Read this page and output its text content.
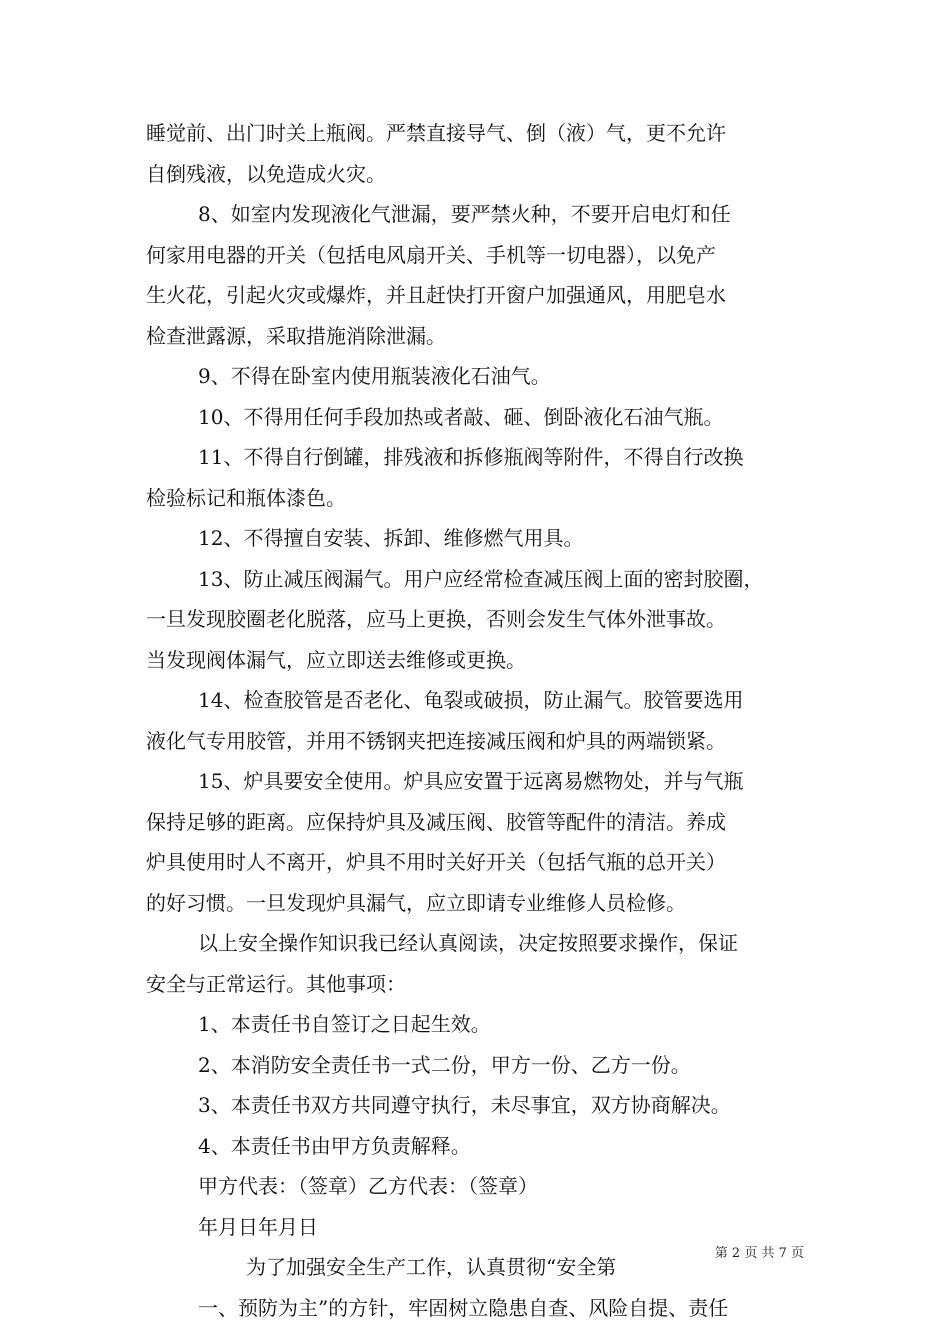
睡觉前、出门时关上瓶阀。严禁直接导气、倒（液）气，更不允许
自倒残液，以免造成火灾。
8、如室内发现液化气泄漏，要严禁火种，不要开启电灯和任
何家用电器的开关（包括电风扇开关、手机等一切电器），以免产
生火花，引起火灾或爆炸，并且赶快打开窗户加强通风，用肥皂水
检查泄露源，采取措施消除泄漏。
9、不得在卧室内使用瓶装液化石油气。
10、不得用任何手段加热或者敲、砸、倒卧液化石油气瓶。
11、不得自行倒罐，排残液和拆修瓶阀等附件，不得自行改换
检验标记和瓶体漆色。
12、不得擅自安装、拆卸、维修燃气用具。
13、防止减压阀漏气。用户应经常检查减压阀上面的密封胶圈，
一旦发现胶圈老化脱落，应马上更换，否则会发生气体外泄事故。
当发现阀体漏气，应立即送去维修或更换。
14、检查胶管是否老化、龟裂或破损，防止漏气。胶管要选用
液化气专用胶管，并用不锈钢夹把连接减压阀和炉具的两端锁紧。
15、炉具要安全使用。炉具应安置于远离易燃物处，并与气瓶
保持足够的距离。应保持炉具及减压阀、胶管等配件的清洁。养成
炉具使用时人不离开，炉具不用时关好开关（包括气瓶的总开关）
的好习惯。一旦发现炉具漏气，应立即请专业维修人员检修。
以上安全操作知识我已经认真阅读，决定按照要求操作，保证
安全与正常运行。其他事项：
1、本责任书自签订之日起生效。
2、本消防安全责任书一式二份，甲方一份、乙方一份。
3、本责任书双方共同遵守执行，未尽事宜，双方协商解决。
4、本责任书由甲方负责解释。
甲方代表：（签章）乙方代表：（签章）
年月日年月日
为了加强安全生产工作，认真贯彻“安全第
一、预防为主”的方针，牢固树立隐患自查、风险自提、责任
第 2 页 共 7 页
